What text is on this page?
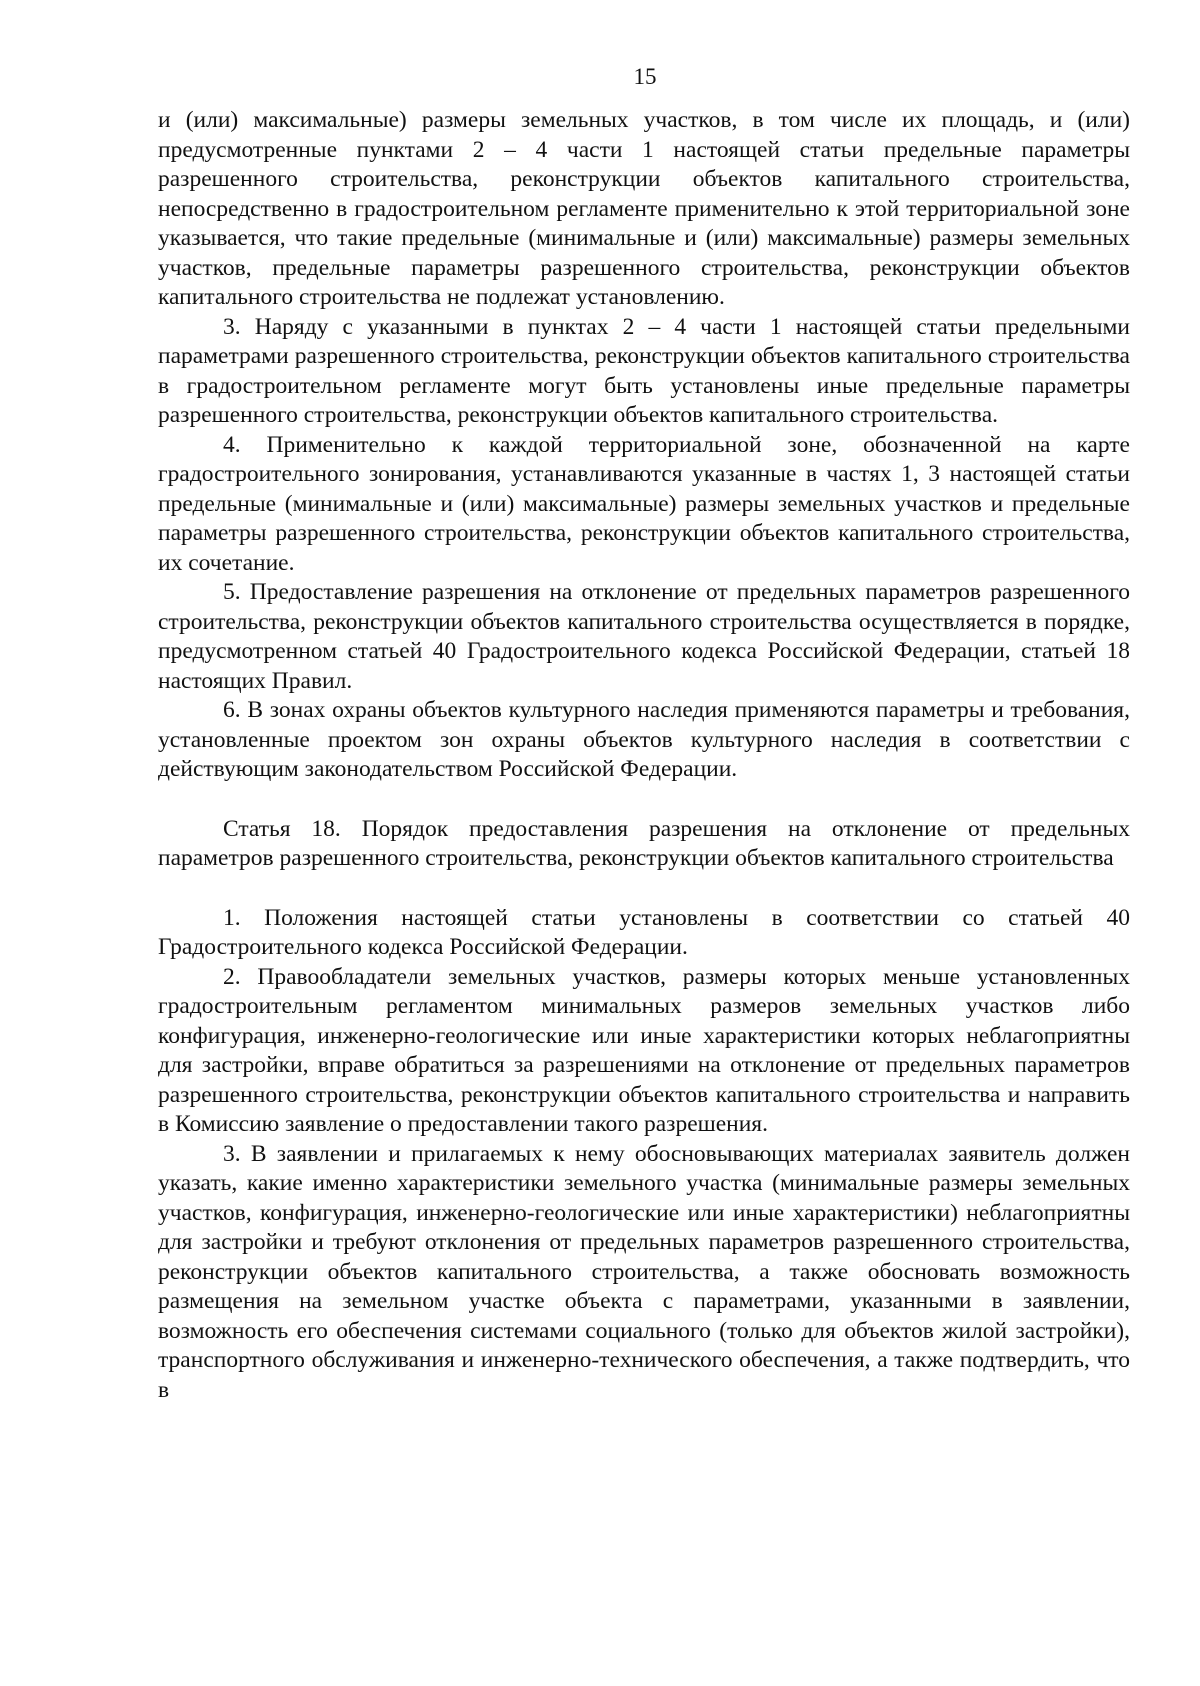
15

и (или) максимальные) размеры земельных участков, в том числе их площадь, и (или) предусмотренные пунктами 2 – 4 части 1 настоящей статьи предельные параметры разрешенного строительства, реконструкции объектов капитального строительства, непосредственно в градостроительном регламенте применительно к этой территориальной зоне указывается, что такие предельные (минимальные и (или) максимальные) размеры земельных участков, предельные параметры разрешенного строительства, реконструкции объектов капитального строительства не подлежат установлению.

3. Наряду с указанными в пунктах 2 – 4 части 1 настоящей статьи предельными параметрами разрешенного строительства, реконструкции объектов капитального строительства в градостроительном регламенте могут быть установлены иные предельные параметры разрешенного строительства, реконструкции объектов капитального строительства.

4. Применительно к каждой территориальной зоне, обозначенной на карте градостроительного зонирования, устанавливаются указанные в частях 1, 3 настоящей статьи предельные (минимальные и (или) максимальные) размеры земельных участков и предельные параметры разрешенного строительства, реконструкции объектов капитального строительства, их сочетание.

5. Предоставление разрешения на отклонение от предельных параметров разрешенного строительства, реконструкции объектов капитального строительства осуществляется в порядке, предусмотренном статьей 40 Градостроительного кодекса Российской Федерации, статьей 18 настоящих Правил.

6. В зонах охраны объектов культурного наследия применяются параметры и требования, установленные проектом зон охраны объектов культурного наследия в соответствии с действующим законодательством Российской Федерации.

Статья 18. Порядок предоставления разрешения на отклонение от предельных параметров разрешенного строительства, реконструкции объектов капитального строительства

1. Положения настоящей статьи установлены в соответствии со статьей 40 Градостроительного кодекса Российской Федерации.

2. Правообладатели земельных участков, размеры которых меньше установленных градостроительным регламентом минимальных размеров земельных участков либо конфигурация, инженерно-геологические или иные характеристики которых неблагоприятны для застройки, вправе обратиться за разрешениями на отклонение от предельных параметров разрешенного строительства, реконструкции объектов капитального строительства и направить в Комиссию заявление о предоставлении такого разрешения.

3. В заявлении и прилагаемых к нему обосновывающих материалах заявитель должен указать, какие именно характеристики земельного участка (минимальные размеры земельных участков, конфигурация, инженерно-геологические или иные характеристики) неблагоприятны для застройки и требуют отклонения от предельных параметров разрешенного строительства, реконструкции объектов капитального строительства, а также обосновать возможность размещения на земельном участке объекта с параметрами, указанными в заявлении, возможность его обеспечения системами социального (только для объектов жилой застройки), транспортного обслуживания и инженерно-технического обеспечения, а также подтвердить, что в
